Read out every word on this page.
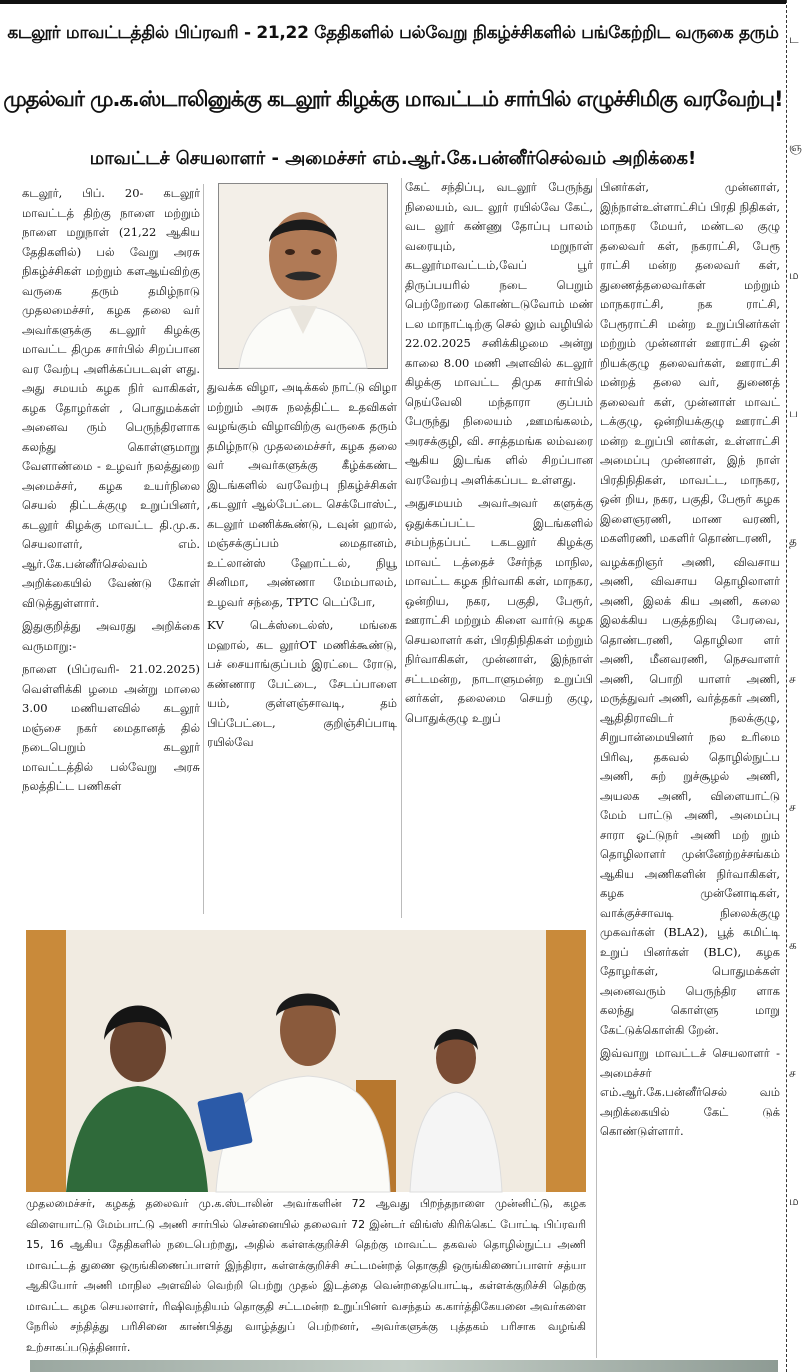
கடலூர் மாவட்டத்தில் பிப்ரவரி - 21,22 தேதிகளில் பல்வேறு நிகழ்ச்சிகளில் பங்கேற்றிட வருகை தரும்
முதல்வர் மு.க.ஸ்டாலினுக்கு கடலூர் கிழக்கு மாவட்டம் சார்பில் எழுச்சிமிகு வரவேற்பு!
மாவட்டச் செயலாளர் - அமைச்சர் எம்.ஆர்.கே.பன்னீர்செல்வம் அறிக்கை!

கடலூர், பிப். 20- கடலூர் மாவட்டத் திற்கு நாளை மற்றும் நாளை மறுநாள் (21,22 ஆகிய தேதிகளில்) பல் வேறு அரசு நிகழ்ச்சிகள் மற்றும் களஆய்விற்கு வருகை தரும் தமிழ்நாடு முதலமைச்சர், கழக தலை வர் அவர்களுக்கு கடலூர் கிழக்கு மாவட்ட திமுக சார்பில் சிறப்பான வர வேற்பு அளிக்கப்படவுள் ளது. அது சமயம் கழக நிர் வாகிகள், கழக தோழர்கள் , பொதுமக்கள் அனைவ ரும் பெருந்திரளாக கலந்து கொள்ளுமாறு வேளாண்மை - உழவர் நலத்துறை அமைச்சர், கழக உயர்நிலை செயல் திட்டக்குழு உறுப்பினர், கடலூர் கிழக்கு மாவட்ட தி.மு.க. செயலாளர், எம். ஆர்.கே.பன்னீர்செல்வம் அறிக்கையில் வேண்டு கோள் விடுத்துள்ளார்.

இதுகுறித்து அவரது அறிக்கை வருமாறு:-

நாளை (பிப்ரவரி- 21.02.2025) வெள்ளிக்கி ழமை அன்று மாலை 3.00 மணியளவில் கடலூர் மஞ்சை நகர் மைதானத் தில் நடைபெறும் கடலூர் மாவட்டத்தில் பல்வேறு அரசு நலத்திட்ட பணிகள்

துவக்க விழா, அடிக்கல் நாட்டு விழா மற்றும் அரசு நலத்திட்ட உதவிகள் வழங்கும் விழாவிற்கு வருகை தரும் தமிழ்நாடு முதலமைச்சர், கழக தலை வர் அவர்களுக்கு கீழ்க்கண்ட இடங்களில் வரவேற்பு நிகழ்ச்சிகள் ,கடலூர் ஆல்பேட்டை செக்போஸ்ட், கடலூர் மணிக்கூண்டு, டவுன் ஹால், மஞ்சக்குப்பம் மைதானம், உட்லான்ஸ் ஹோட்டல், நியூ சினிமா, அண்ணா மேம்பாலம், உழவர் சந்தை, TPTC டெப்போ,

KV டெக்ஸ்டைல்ஸ், மங்கை மஹால், கட லூர்OT மணிக்கூண்டு, பச் சையாங்குப்பம் இரட்டை ரோடு, கண்ணார பேட்டை, சேடப்பாளை யம், குள்ளஞ்சாவடி, தம் பிப்பேட்டை, குறிஞ்சிப்பாடி ரயில்வே

கேட் சந்திப்பு, வடலூர் பேருந்து நிலையம், வட லூர் ரயில்வே கேட், வட லூர் கண்ணு தோப்பு பாலம் வரையும், மறுநாள் கடலூர்மாவட்டம்,வேப் பூர் திருப்பயரில் நடை பெறும் பெற்றோரை கொண்டடுவோம் மண் டல மாநாட்டிற்கு செல் லும் வழியில் 22.02.2025 சனிக்கிழமை அன்று காலை 8.00 மணி அளவில் கடலூர் கிழக்கு மாவட்ட திமுக சார்பில் நெய்வேலி மந்தாரா குப்பம் பேருந்து நிலையம் ,ஊமங்கலம், அரசக்குழி, வி. சாத்தமங்க லம்வரை ஆகிய இடங்க ளில் சிறப்பான வரவேற்பு அளிக்கப்பட உள்ளது.

அதுசமயம் அவர்அவர் களுக்கு ஒதுக்கப்பட்ட இடங்களில் சம்பந்தப்பட் டகடலூர் கிழக்கு மாவட் டத்தைச் சேர்ந்த மாநில, மாவட்ட கழக நிர்வாகி கள், மாநகர, ஒன்றிய, நகர, பகுதி, பேரூர், ஊராட்சி மற்றும் கிளை வார்டு கழக செயலாளர் கள், பிரதிநிதிகள் மற்றும் நிர்வாகிகள், முன்னாள், இந்நாள் சட்டமன்ற, நாடாளுமன்ற உறுப்பி னர்கள், தலைமை செயற் குழு, பொதுக்குழு உறுப்

பினர்கள், முன்னாள், இந்நாள்உள்ளாட்சிப் பிரதி நிதிகள், மாநகர மேயர், மண்டல குழு தலைவர் கள், நகராட்சி, பேரூ ராட்சி மன்ற தலைவர் கள், துணைத்தலைவர்கள் மற்றும் மாநகராட்சி, நக ராட்சி, பேரூராட்சி மன்ற உறுப்பினர்கள் மற்றும் முன்னாள் ஊராட்சி ஒன் றியக்குழு தலைவர்கள், ஊராட்சி மன்றத் தலை வர், துணைத் தலைவர் கள், முன்னாள் மாவட் டக்குழு, ஒன்றியக்குழு ஊராட்சி மன்ற உறுப்பி னர்கள், உள்ளாட்சி அமைப்பு முன்னாள், இந் நாள் பிரதிநிதிகள், மாவட்ட, மாநகர, ஒன் றிய, நகர, பகுதி, பேரூர் கழக இளைஞரணி, மாண வரணி, மகளிரணி, மகளிர் தொண்டரணி,

வழக்கறிஞர் அணி, விவசாய அணி, விவசாய தொழிலாளர் அணி, இலக் கிய அணி, கலை இலக்கிய பகுத்தறிவு பேரவை, தொண்டரணி, தொழிலா ளர் அணி, மீனவரணி, நெசவாளர் அணி, பொறி யாளர் அணி, மருத்துவர் அணி, வர்த்தகர் அணி, ஆதிதிராவிடர் நலக்குழு, சிறுபான்மையினர் நல உரிமை பிரிவு, தகவல் தொழில்நுட்ப அணி, சுற் றுச்சூழல் அணி, அயலக அணி, விளையாட்டு மேம் பாட்டு அணி, அமைப்பு சாரா ஓட்டுநர் அணி மற் றும் தொழிலாளர் முன்னேற்றச்சங்கம் ஆகிய அணிகளின் நிர்வாகிகள், கழக முன்னோடிகள், வாக்குச்சாவடி நிலைக்குழு முகவர்கள் (BLA2), பூத் கமிட்டி உறுப் பினர்கள் (BLC), கழக தோழர்கள், பொதுமக்கள் அனைவரும் பெருந்திர ளாக கலந்து கொள்ளு மாறு கேட்டுக்கொள்கி றேன்.

இவ்வாறு மாவட்டச் செயலாளர் - அமைச்சர் எம்.ஆர்.கே.பன்னீர்செல் வம் அறிக்கையில் கேட் டுக் கொண்டுள்ளார்.

முதலமைச்சர், கழகத் தலைவர் மு.க.ஸ்டாலின் அவர்களின் 72 ஆவது பிறந்தநாளை முன்னிட்டு, கழக விளையாட்டு மேம்பாட்டு அணி சார்பில் சென்னையில் தலைவர் 72 இன்டர் விங்ஸ் கிரிக்கெட் போட்டி பிப்ரவரி 15, 16 ஆகிய தேதிகளில் நடைபெற்றது, அதில் கள்ளக்குறிச்சி தெற்கு மாவட்ட தகவல் தொழில்நுட்ப அணி மாவட்டத் துணை ஒருங்கிணைப்பாளர் இந்திரா, கள்ளக்குறிச்சி சட்டமன்றத் தொகுதி ஒருங்கிணைப்பாளர் சத்யா ஆகியோர் அணி மாநில அளவில் வெற்றி பெற்று முதல் இடத்தை வென்றதையொட்டி, கள்ளக்குறிச்சி தெற்கு மாவட்ட கழக செயலாளர், ரிஷிவந்தியம் தொகுதி சட்டமன்ற உறுப்பினர் வசந்தம் க.கார்த்திகேயனை அவர்களை நேரில் சந்தித்து பரிசினை காண்பித்து வாழ்த்துப் பெற்றனர், அவர்களுக்கு புத்தகம் பரிசாக வழங்கி உற்சாகப்படுத்தினார்.
ட
ஞ
ம
ப
த
ச
ச
க
ச
ம
